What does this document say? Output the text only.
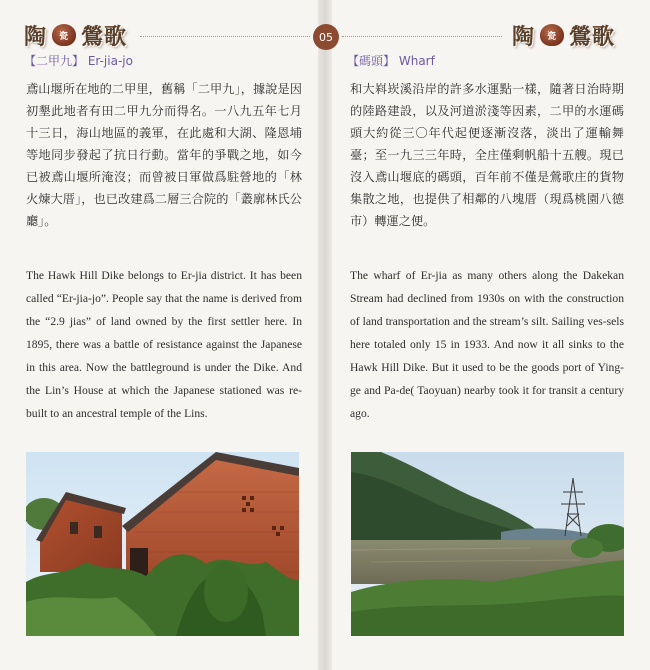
陶	瓷 鶯歌
【二甲九】 Er-jia-jo
鳶山堰所在地的二甲里，舊稱「二甲九」，據說是因初墾此地者有田二甲九分而得名。一八九五年七月十三日，海山地區的義軍，在此處和大湖、隆恩埔等地同步發起了抗日行動。當年的爭戰之地，如今已被鳶山堰所淹沒；而曾被日軍做爲駐營地的「林火煉大厝」，也已改建爲二層三合院的「叢廓林氏公廳」。
The Hawk Hill Dike belongs to Er-jia district. It has been called “Er-jia-jo”. People say that the name is derived from the “2.9 jias” of land owned by the first settler here. In 1895, there was a battle of resistance against the Japanese in this area. Now the battleground is under the Dike. And the Lin’s House at which the Japanese stationed was re-built to an ancestral temple of the Lins.
05	陶	瓷 鶯歌
【碼頭】 Wharf
和大嵙崁溪沿岸的許多水運點一樣，隨著日治時期的陸路建設，以及河道淤淺等因素，二甲的水運碼頭大約從三〇年代起便逐漸沒落，淡出了運輸舞臺；至一九三三年時，全庄僅剩帆船十五艘。現已沒入鳶山堰底的碼頭，百年前不僅是鶯歌庄的貨物集散之地，也提供了相鄰的八塊厝（現爲桃園八德市）轉運之便。
The wharf of Er-jia as many others along the Dakekan Stream had declined from 1930s on with the construction of land transportation and the stream’s silt. Sailing ves-sels here totaled only 15 in 1933. And now it all sinks to the Hawk Hill Dike. But it used to be the goods port of Ying-ge and Pa-de( Taoyuan) nearby took it for transit a century ago.
